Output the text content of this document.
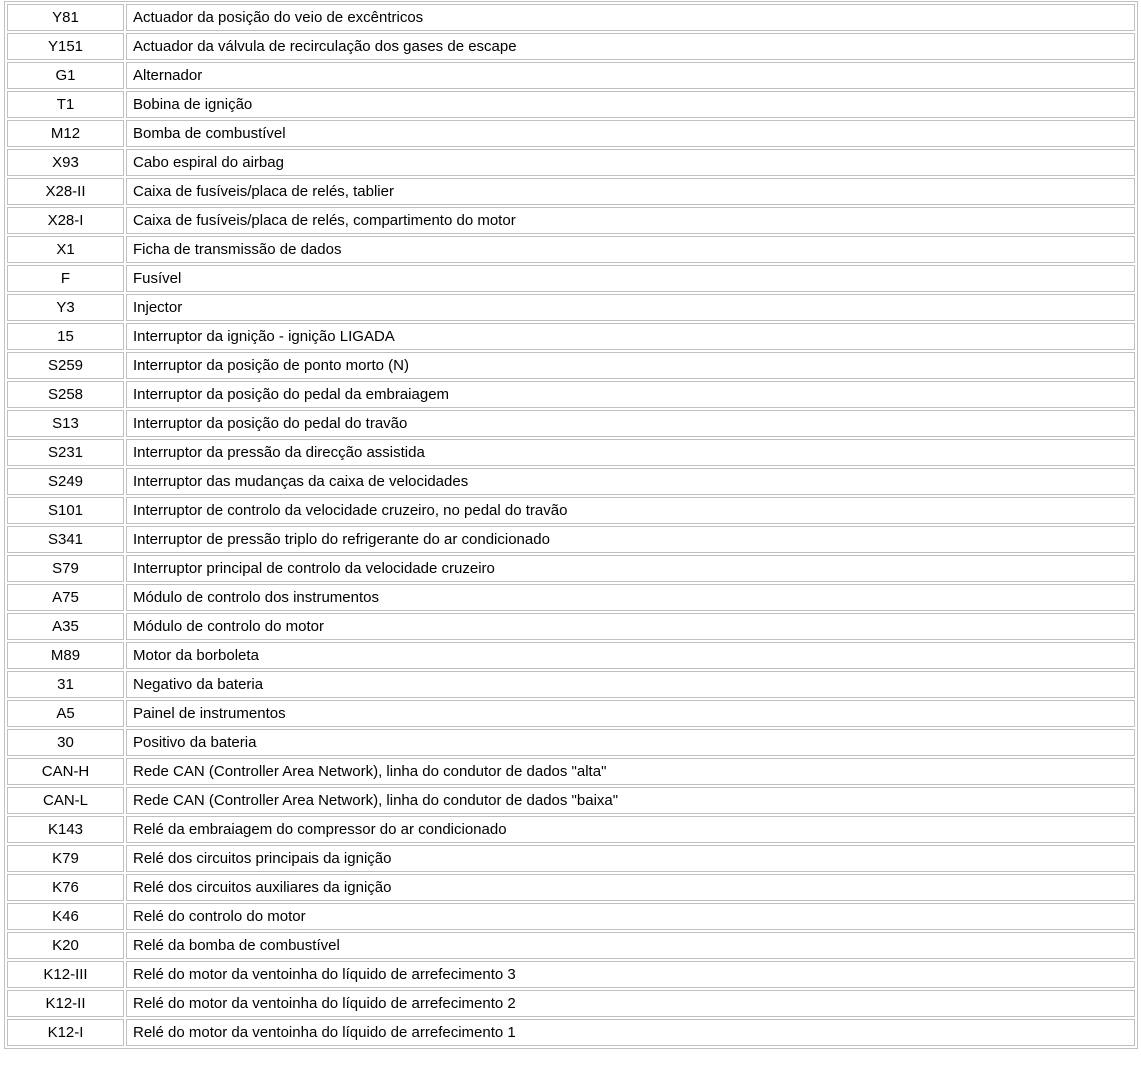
Y81	Actuador da posição do veio de excêntricos
Y151	Actuador da válvula de recirculação dos gases de escape
G1	Alternador
T1	Bobina de ignição
M12	Bomba de combustível
X93	Cabo espiral do airbag
X28-II	Caixa de fusíveis/placa de relés, tablier
X28-I	Caixa de fusíveis/placa de relés, compartimento do motor
X1	Ficha de transmissão de dados
F	Fusível
Y3	Injector
15	Interruptor da ignição - ignição LIGADA
S259	Interruptor da posição de ponto morto (N)
S258	Interruptor da posição do pedal da embraiagem
S13	Interruptor da posição do pedal do travão
S231	Interruptor da pressão da direcção assistida
S249	Interruptor das mudanças da caixa de velocidades
S101	Interruptor de controlo da velocidade cruzeiro, no pedal do travão
S341	Interruptor de pressão triplo do refrigerante do ar condicionado
S79	Interruptor principal de controlo da velocidade cruzeiro
A75	Módulo de controlo dos instrumentos
A35	Módulo de controlo do motor
M89	Motor da borboleta
31	Negativo da bateria
A5	Painel de instrumentos
30	Positivo da bateria
CAN-H	Rede CAN (Controller Area Network), linha do condutor de dados "alta"
CAN-L	Rede CAN (Controller Area Network), linha do condutor de dados "baixa"
K143	Relé da embraiagem do compressor do ar condicionado
K79	Relé dos circuitos principais da ignição
K76	Relé dos circuitos auxiliares da ignição
K46	Relé do controlo do motor
K20	Relé da bomba de combustível
K12-III	Relé do motor da ventoinha do líquido de arrefecimento 3
K12-II	Relé do motor da ventoinha do líquido de arrefecimento 2
K12-I	Relé do motor da ventoinha do líquido de arrefecimento 1
